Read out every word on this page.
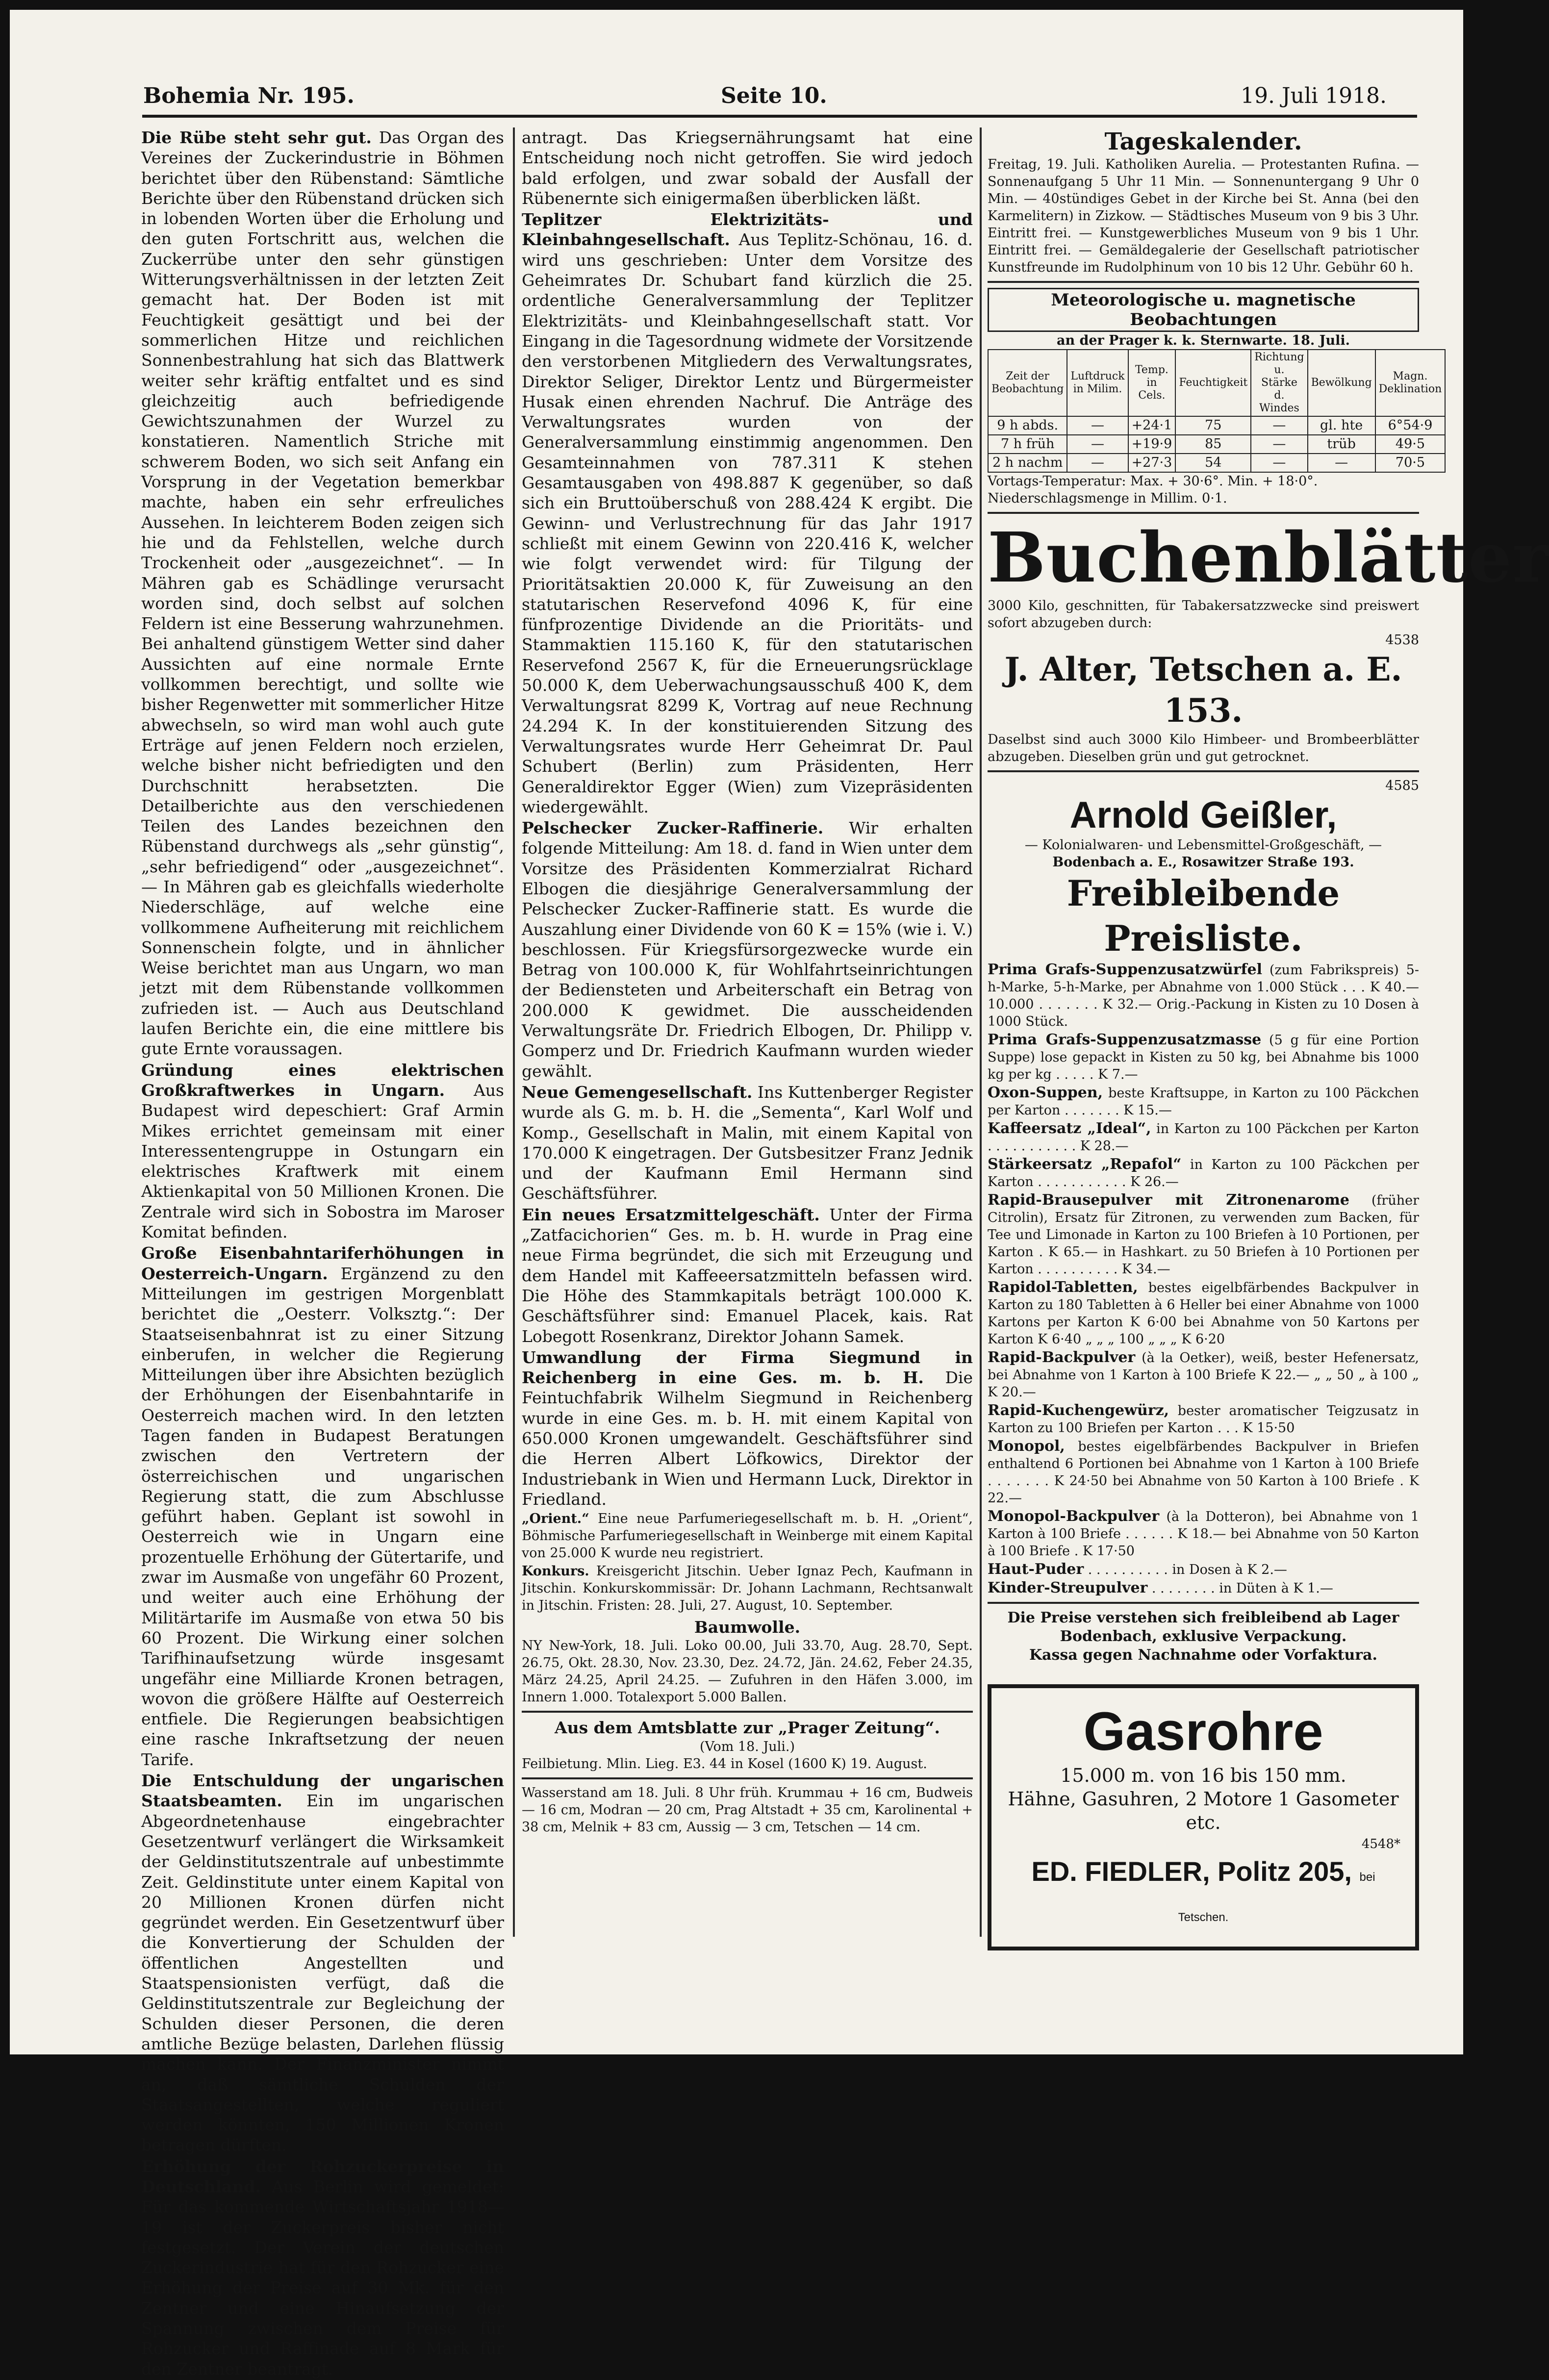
Bohemia Nr. 195.	Seite 10.	19. Juli 1918.

Die Rübe steht sehr gut. Das Organ des Vereines der Zuckerindustrie in Böhmen berichtet über den Rübenstand: Sämtliche Berichte über den Rübenstand drücken sich in lobenden Worten über die Erholung und den guten Fortschritt aus, welchen die Zuckerrübe unter den sehr günstigen Witterungsverhältnissen in der letzten Zeit gemacht hat. Der Boden ist mit Feuchtigkeit gesättigt und bei der sommerlichen Hitze und reichlichen Sonnenbestrahlung hat sich das Blattwerk weiter sehr kräftig entfaltet und es sind gleichzeitig auch befriedigende Gewichtszunahmen der Wurzel zu konstatieren. Namentlich Striche mit schwerem Boden, wo sich seit Anfang ein Vorsprung in der Vegetation bemerkbar machte, haben ein sehr erfreuliches Aussehen. In leichterem Boden zeigen sich hie und da Fehlstellen, welche durch Trockenheit oder „ausgezeichnet“. — In Mähren gab es Schädlinge verursacht worden sind, doch selbst auf solchen Feldern ist eine Besserung wahrzunehmen. Bei anhaltend günstigem Wetter sind daher Aussichten auf eine normale Ernte vollkommen berechtigt, und sollte wie bisher Regenwetter mit sommerlicher Hitze abwechseln, so wird man wohl auch gute Erträge auf jenen Feldern noch erzielen, welche bisher nicht befriedigten und den Durchschnitt herabsetzten. Die Detailberichte aus den verschiedenen Teilen des Landes bezeichnen den Rübenstand durchwegs als „sehr günstig“, „sehr befriedigend“ oder „ausgezeichnet“. — In Mähren gab es gleichfalls wiederholte Niederschläge, auf welche eine vollkommene Aufheiterung mit reichlichem Sonnenschein folgte, und in ähnlicher Weise berichtet man aus Ungarn, wo man jetzt mit dem Rübenstande vollkommen zufrieden ist. — Auch aus Deutschland laufen Berichte ein, die eine mittlere bis gute Ernte voraussagen.

Gründung eines elektrischen Großkraftwerkes in Ungarn. Aus Budapest wird depeschiert: Graf Armin Mikes errichtet gemeinsam mit einer Interessentengruppe in Ostungarn ein elektrisches Kraftwerk mit einem Aktienkapital von 50 Millionen Kronen. Die Zentrale wird sich in Sobostra im Maroser Komitat befinden.

Große Eisenbahntariferhöhungen in Oesterreich-Ungarn. Ergänzend zu den Mitteilungen im gestrigen Morgenblatt berichtet die „Oesterr. Volksztg.“: Der Staatseisenbahnrat ist zu einer Sitzung einberufen, in welcher die Regierung Mitteilungen über ihre Absichten bezüglich der Erhöhungen der Eisenbahntarife in Oesterreich machen wird. In den letzten Tagen fanden in Budapest Beratungen zwischen den Vertretern der österreichischen und ungarischen Regierung statt, die zum Abschlusse geführt haben. Geplant ist sowohl in Oesterreich wie in Ungarn eine prozentuelle Erhöhung der Gütertarife, und zwar im Ausmaße von ungefähr 60 Prozent, und weiter auch eine Erhöhung der Militärtarife im Ausmaße von etwa 50 bis 60 Prozent. Die Wirkung einer solchen Tarifhinaufsetzung würde insgesamt ungefähr eine Milliarde Kronen betragen, wovon die größere Hälfte auf Oesterreich entfiele. Die Regierungen beabsichtigen eine rasche Inkraftsetzung der neuen Tarife.

Die Entschuldung der ungarischen Staatsbeamten. Ein im ungarischen Abgeordnetenhause eingebrachter Gesetzentwurf verlängert die Wirksamkeit der Geldinstitutszentrale auf unbestimmte Zeit. Geldinstitute unter einem Kapital von 20 Millionen Kronen dürfen nicht gegründet werden. Ein Gesetzentwurf über die Konvertierung der Schulden der öffentlichen Angestellten und Staatspensionisten verfügt, daß die Geldinstitutszentrale zur Begleichung der Schulden dieser Personen, die deren amtliche Bezüge belasten, Darlehen flüssig machen kann. Der Finanzminister nimmt an, daß sämtliche Schulden der Staatsangestellten, welche reguliert werden könnten, 150 Millionen Kronen betragen dürften.

Erhöhung der Rohzuckerpreise in Deutschland. Aus Berlin wird gemeldet: Für das kommende Wirtschaftsjahr 1918—19 ist der Zuckerpreis bisher nicht festgesetzt. Der Verein der deutschen Zuckerindustrie hat für den Rohzucker eine Erhöhung der Preise auf 30 Mk. für den Zentner und eine Hinaufsetzung der Spannung zwischen dem Preise für Rohzucker und Raffinade auf 8 Mark für den Zentner beantragt.

antragt. Das Kriegsernährungsamt hat eine Entscheidung noch nicht getroffen. Sie wird jedoch bald erfolgen, und zwar sobald der Ausfall der Rübenernte sich einigermaßen überblicken läßt.

Teplitzer Elektrizitäts- und Kleinbahngesellschaft. Aus Teplitz-Schönau, 16. d. wird uns geschrieben: Unter dem Vorsitze des Geheimrates Dr. Schubart fand kürzlich die 25. ordentliche Generalversammlung der Teplitzer Elektrizitäts- und Kleinbahngesellschaft statt. Vor Eingang in die Tagesordnung widmete der Vorsitzende den verstorbenen Mitgliedern des Verwaltungsrates, Direktor Seliger, Direktor Lentz und Bürgermeister Husak einen ehrenden Nachruf. Die Anträge des Verwaltungsrates wurden von der Generalversammlung einstimmig angenommen. Den Gesamteinnahmen von 787.311 K stehen Gesamtausgaben von 498.887 K gegenüber, so daß sich ein Bruttoüberschuß von 288.424 K ergibt. Die Gewinn- und Verlustrechnung für das Jahr 1917 schließt mit einem Gewinn von 220.416 K, welcher wie folgt verwendet wird: für Tilgung der Prioritätsaktien 20.000 K, für Zuweisung an den statutarischen Reservefond 4096 K, für eine fünfprozentige Dividende an die Prioritäts- und Stammaktien 115.160 K, für den statutarischen Reservefond 2567 K, für die Erneuerungsrücklage 50.000 K, dem Ueberwachungsausschuß 400 K, dem Verwaltungsrat 8299 K, Vortrag auf neue Rechnung 24.294 K. In der konstituierenden Sitzung des Verwaltungsrates wurde Herr Geheimrat Dr. Paul Schubert (Berlin) zum Präsidenten, Herr Generaldirektor Egger (Wien) zum Vizepräsidenten wiedergewählt.

Pelschecker Zucker-Raffinerie. Wir erhalten folgende Mitteilung: Am 18. d. fand in Wien unter dem Vorsitze des Präsidenten Kommerzialrat Richard Elbogen die diesjährige Generalversammlung der Pelschecker Zucker-Raffinerie statt. Es wurde die Auszahlung einer Dividende von 60 K = 15% (wie i. V.) beschlossen. Für Kriegsfürsorgezwecke wurde ein Betrag von 100.000 K, für Wohlfahrtseinrichtungen der Bediensteten und Arbeiterschaft ein Betrag von 200.000 K gewidmet. Die ausscheidenden Verwaltungsräte Dr. Friedrich Elbogen, Dr. Philipp v. Gomperz und Dr. Friedrich Kaufmann wurden wieder gewählt.

Neue Gemengesellschaft. Ins Kuttenberger Register wurde als G. m. b. H. die „Sementa“, Karl Wolf und Komp., Gesellschaft in Malin, mit einem Kapital von 170.000 K eingetragen. Der Gutsbesitzer Franz Jednik und der Kaufmann Emil Hermann sind Geschäftsführer.

Ein neues Ersatzmittelgeschäft. Unter der Firma „Zatfacichorien“ Ges. m. b. H. wurde in Prag eine neue Firma begründet, die sich mit Erzeugung und dem Handel mit Kaffeeersatzmitteln befassen wird. Die Höhe des Stammkapitals beträgt 100.000 K. Geschäftsführer sind: Emanuel Placek, kais. Rat Lobegott Rosenkranz, Direktor Johann Samek.

Umwandlung der Firma Siegmund in Reichenberg in eine Ges. m. b. H. Die Feintuchfabrik Wilhelm Siegmund in Reichenberg wurde in eine Ges. m. b. H. mit einem Kapital von 650.000 Kronen umgewandelt. Geschäftsführer sind die Herren Albert Löfkowics, Direktor der Industriebank in Wien und Hermann Luck, Direktor in Friedland.

„Orient.“ Eine neue Parfumeriegesellschaft m. b. H. „Orient“, Böhmische Parfumeriegesellschaft in Weinberge mit einem Kapital von 25.000 K wurde neu registriert.

Konkurs. Kreisgericht Jitschin. Ueber Ignaz Pech, Kaufmann in Jitschin. Konkurskommissär: Dr. Johann Lachmann, Rechtsanwalt in Jitschin. Fristen: 28. Juli, 27. August, 10. September.

Baumwolle.
NY New-York, 18. Juli. Loko 00.00, Juli 33.70, Aug. 28.70, Sept. 26.75, Okt. 28.30, Nov. 23.30, Dez. 24.72, Jän. 24.62, Feber 24.35, März 24.25, April 24.25. — Zufuhren in den Häfen 3.000, im Innern 1.000. Totalexport 5.000 Ballen.
Aus dem Amtsblatte zur „Prager Zeitung“.
(Vom 18. Juli.)
Feilbietung. Mlin. Lieg. E3. 44 in Kosel (1600 K) 19. August.
Wasserstand am 18. Juli. 8 Uhr früh. Krummau + 16 cm, Budweis — 16 cm, Modran — 20 cm, Prag Altstadt + 35 cm, Karolinental + 38 cm, Melnik + 83 cm, Aussig — 3 cm, Tetschen — 14 cm.
Tageskalender.
Freitag, 19. Juli. Katholiken Aurelia. — Protestanten Rufina. — Sonnenaufgang 5 Uhr 11 Min. — Sonnenuntergang 9 Uhr 0 Min. — 40stündiges Gebet in der Kirche bei St. Anna (bei den Karmelitern) in Zizkow. — Städtisches Museum von 9 bis 3 Uhr. Eintritt frei. — Kunstgewerbliches Museum von 9 bis 1 Uhr. Eintritt frei. — Gemäldegalerie der Gesellschaft patriotischer Kunstfreunde im Rudolphinum von 10 bis 12 Uhr. Gebühr 60 h.
Meteorologische u. magnetische Beobachtungen
an der Prager k. k. Sternwarte. 18. Juli.
Zeit der Beobachtung	Luftdruck in Milim.	Temp. in Cels.	Feuchtigkeit	Richtung u. Stärke d. Windes	Bewölkung	Magn. Deklination
9 h abds.	—	+24·1	75	—	gl. hte	6°54·9
7 h früh	—	+19·9	85	—	trüb	49·5
2 h nachm	—	+27·3	54	—	—	70·5
Vortags-Temperatur: Max. + 30·6°. Min. + 18·0°.
Niederschlagsmenge in Millim. 0·1.
Buchenblätter
3000 Kilo, geschnitten, für Tabakersatzzwecke sind preiswert sofort abzugeben durch:
4538
J. Alter, Tetschen a. E. 153.
Daselbst sind auch 3000 Kilo Himbeer- und Brombeerblätter abzugeben. Dieselben grün und gut getrocknet.
4585
Arnold Geißler,
— Kolonialwaren- und Lebensmittel-Großgeschäft, —
Bodenbach a. E., Rosawitzer Straße 193.
Freibleibende Preisliste.
Prima Grafs-Suppenzusatzwürfel (zum Fabrikspreis) 5-h-Marke, 5-h-Marke, per Abnahme von 1.000 Stück . . . K 40.— 10.000 . . . . . . . K 32.— Orig.-Packung in Kisten zu 10 Dosen à 1000 Stück.
Prima Grafs-Suppenzusatzmasse (5 g für eine Portion Suppe) lose gepackt in Kisten zu 50 kg, bei Abnahme bis 1000 kg per kg . . . . . K 7.—
Oxon-Suppen, beste Kraftsuppe, in Karton zu 100 Päckchen per Karton . . . . . . . K 15.—
Kaffeersatz „Ideal“, in Karton zu 100 Päckchen per Karton . . . . . . . . . . . K 28.—
Stärkeersatz „Repafol“ in Karton zu 100 Päckchen per Karton . . . . . . . . . . . K 26.—
Rapid-Brausepulver mit Zitronenarome (früher Citrolin), Ersatz für Zitronen, zu verwenden zum Backen, für Tee und Limonade in Karton zu 100 Briefen à 10 Portionen, per Karton . K 65.— in Hashkart. zu 50 Briefen à 10 Portionen per Karton . . . . . . . . . . K 34.—
Rapidol-Tabletten, bestes eigelbfärbendes Backpulver in Karton zu 180 Tabletten à 6 Heller bei einer Abnahme von 1000 Kartons per Karton K 6·00 bei Abnahme von 50 Kartons per Karton K 6·40 „ „ „ 100 „ „ „ K 6·20
Rapid-Backpulver (à la Oetker), weiß, bester Hefenersatz, bei Abnahme von 1 Karton à 100 Briefe K 22.— „ „ 50 „ à 100 „ K 20.—
Rapid-Kuchengewürz, bester aromatischer Teigzusatz in Karton zu 100 Briefen per Karton . . . K 15·50
Monopol, bestes eigelbfärbendes Backpulver in Briefen enthaltend 6 Portionen bei Abnahme von 1 Karton à 100 Briefe . . . . . . . K 24·50 bei Abnahme von 50 Karton à 100 Briefe . K 22.—
Monopol-Backpulver (à la Dotteron), bei Abnahme von 1 Karton à 100 Briefe . . . . . . K 18.— bei Abnahme von 50 Karton à 100 Briefe . K 17·50
Haut-Puder . . . . . . . . . . in Dosen à K 2.—
Kinder-Streupulver . . . . . . . . in Düten à K 1.—
Die Preise verstehen sich freibleibend ab Lager Bodenbach, exklusive Verpackung.
Kassa gegen Nachnahme oder Vorfaktura.
Gasrohre
15.000 m. von 16 bis 150 mm.
Hähne, Gasuhren, 2 Motore 1 Gasometer etc.
4548*
ED. FIEDLER, Politz 205, bei Tetschen.
